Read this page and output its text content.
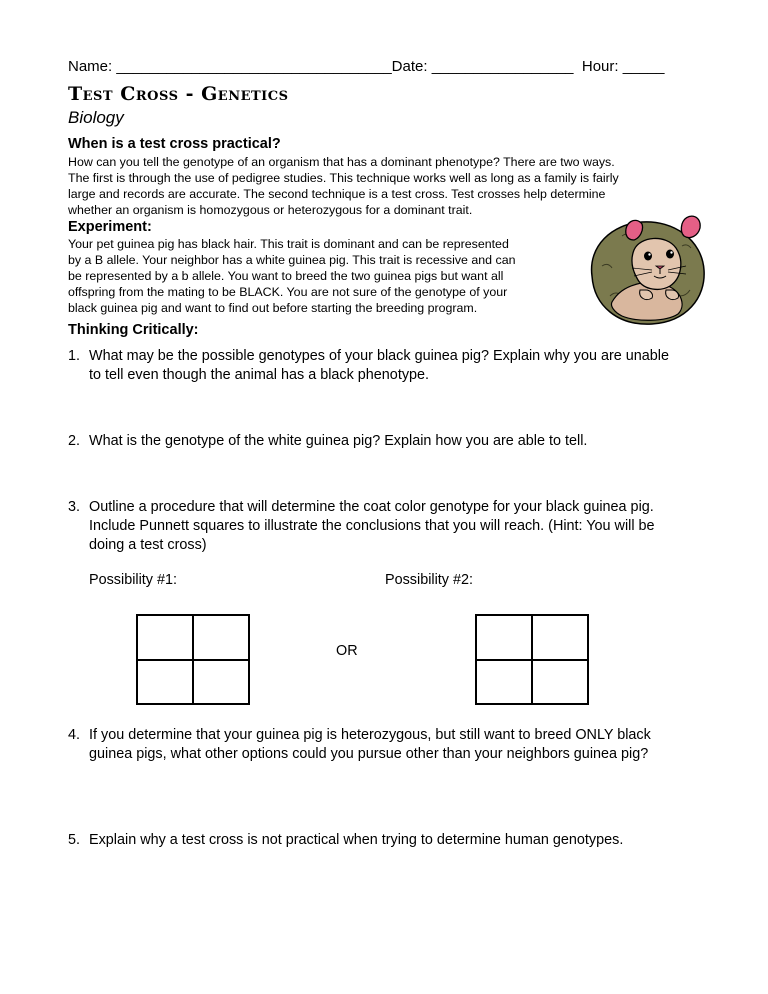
Name: _________________________________Date: _________________ Hour: _____
Test Cross - Genetics
Biology
When is a test cross practical?
How can you tell the genotype of an organism that has a dominant phenotype? There are two ways.
The first is through the use of pedigree studies. This technique works well as long as a family is fairly
large and records are accurate. The second technique is a test cross. Test crosses help determine
whether an organism is homozygous or heterozygous for a dominant trait.
Experiment:
Your pet guinea pig has black hair. This trait is dominant and can be represented
by a B allele. Your neighbor has a white guinea pig. This trait is recessive and can
be represented by a b allele. You want to breed the two guinea pigs but want all
offspring from the mating to be BLACK. You are not sure of the genotype of your
black guinea pig and want to find out before starting the breeding program.
Thinking Critically:
1. What may be the possible genotypes of your black guinea pig? Explain why you are unable
to tell even though the animal has a black phenotype.
2. What is the genotype of the white guinea pig? Explain how you are able to tell.
3. Outline a procedure that will determine the coat color genotype for your black guinea pig.
Include Punnett squares to illustrate the conclusions that you will reach. (Hint: You will be
doing a test cross)
Possibility #1:	Possibility #2:
OR
4. If you determine that your guinea pig is heterozygous, but still want to breed ONLY black
guinea pigs, what other options could you pursue other than your neighbors guinea pig?
5. Explain why a test cross is not practical when trying to determine human genotypes.
